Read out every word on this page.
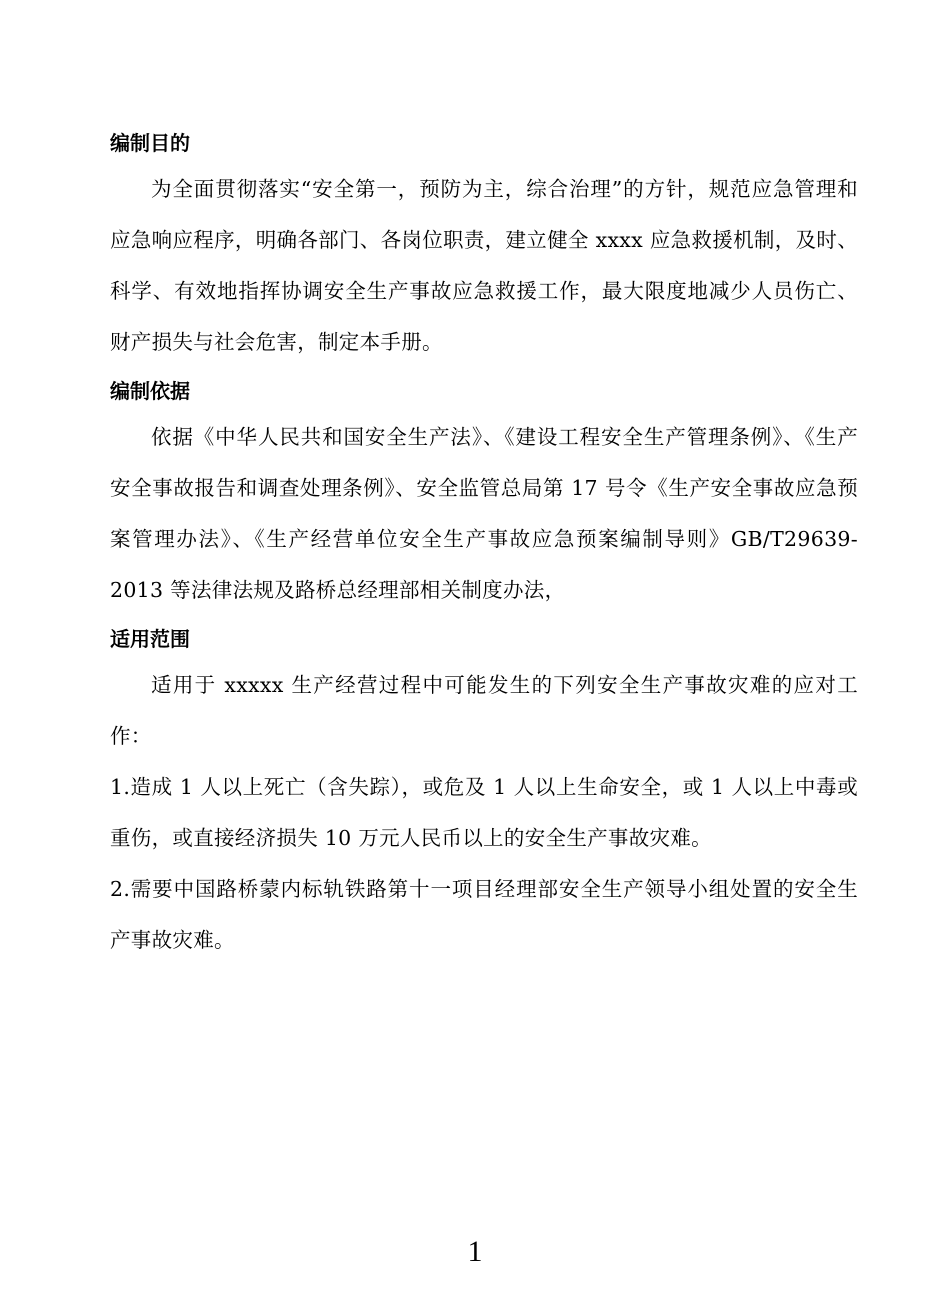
编制目的

为全面贯彻落实“安全第一，预防为主，综合治理”的方针，规范应急管理和应急响应程序，明确各部门、各岗位职责，建立健全 xxxx 应急救援机制，及时、科学、有效地指挥协调安全生产事故应急救援工作，最大限度地减少人员伤亡、财产损失与社会危害，制定本手册。

编制依据

依据《中华人民共和国安全生产法》、《建设工程安全生产管理条例》、《生产安全事故报告和调查处理条例》、安全监管总局第 17 号令《生产安全事故应急预案管理办法》、《生产经营单位安全生产事故应急预案编制导则》GB/T29639-2013 等法律法规及路桥总经理部相关制度办法，

适用范围

适用于 xxxxx 生产经营过程中可能发生的下列安全生产事故灾难的应对工作：

1.造成 1 人以上死亡（含失踪），或危及 1 人以上生命安全，或 1 人以上中毒或重伤，或直接经济损失 10 万元人民币以上的安全生产事故灾难。

2.需要中国路桥蒙内标轨铁路第十一项目经理部安全生产领导小组处置的安全生产事故灾难。

1
